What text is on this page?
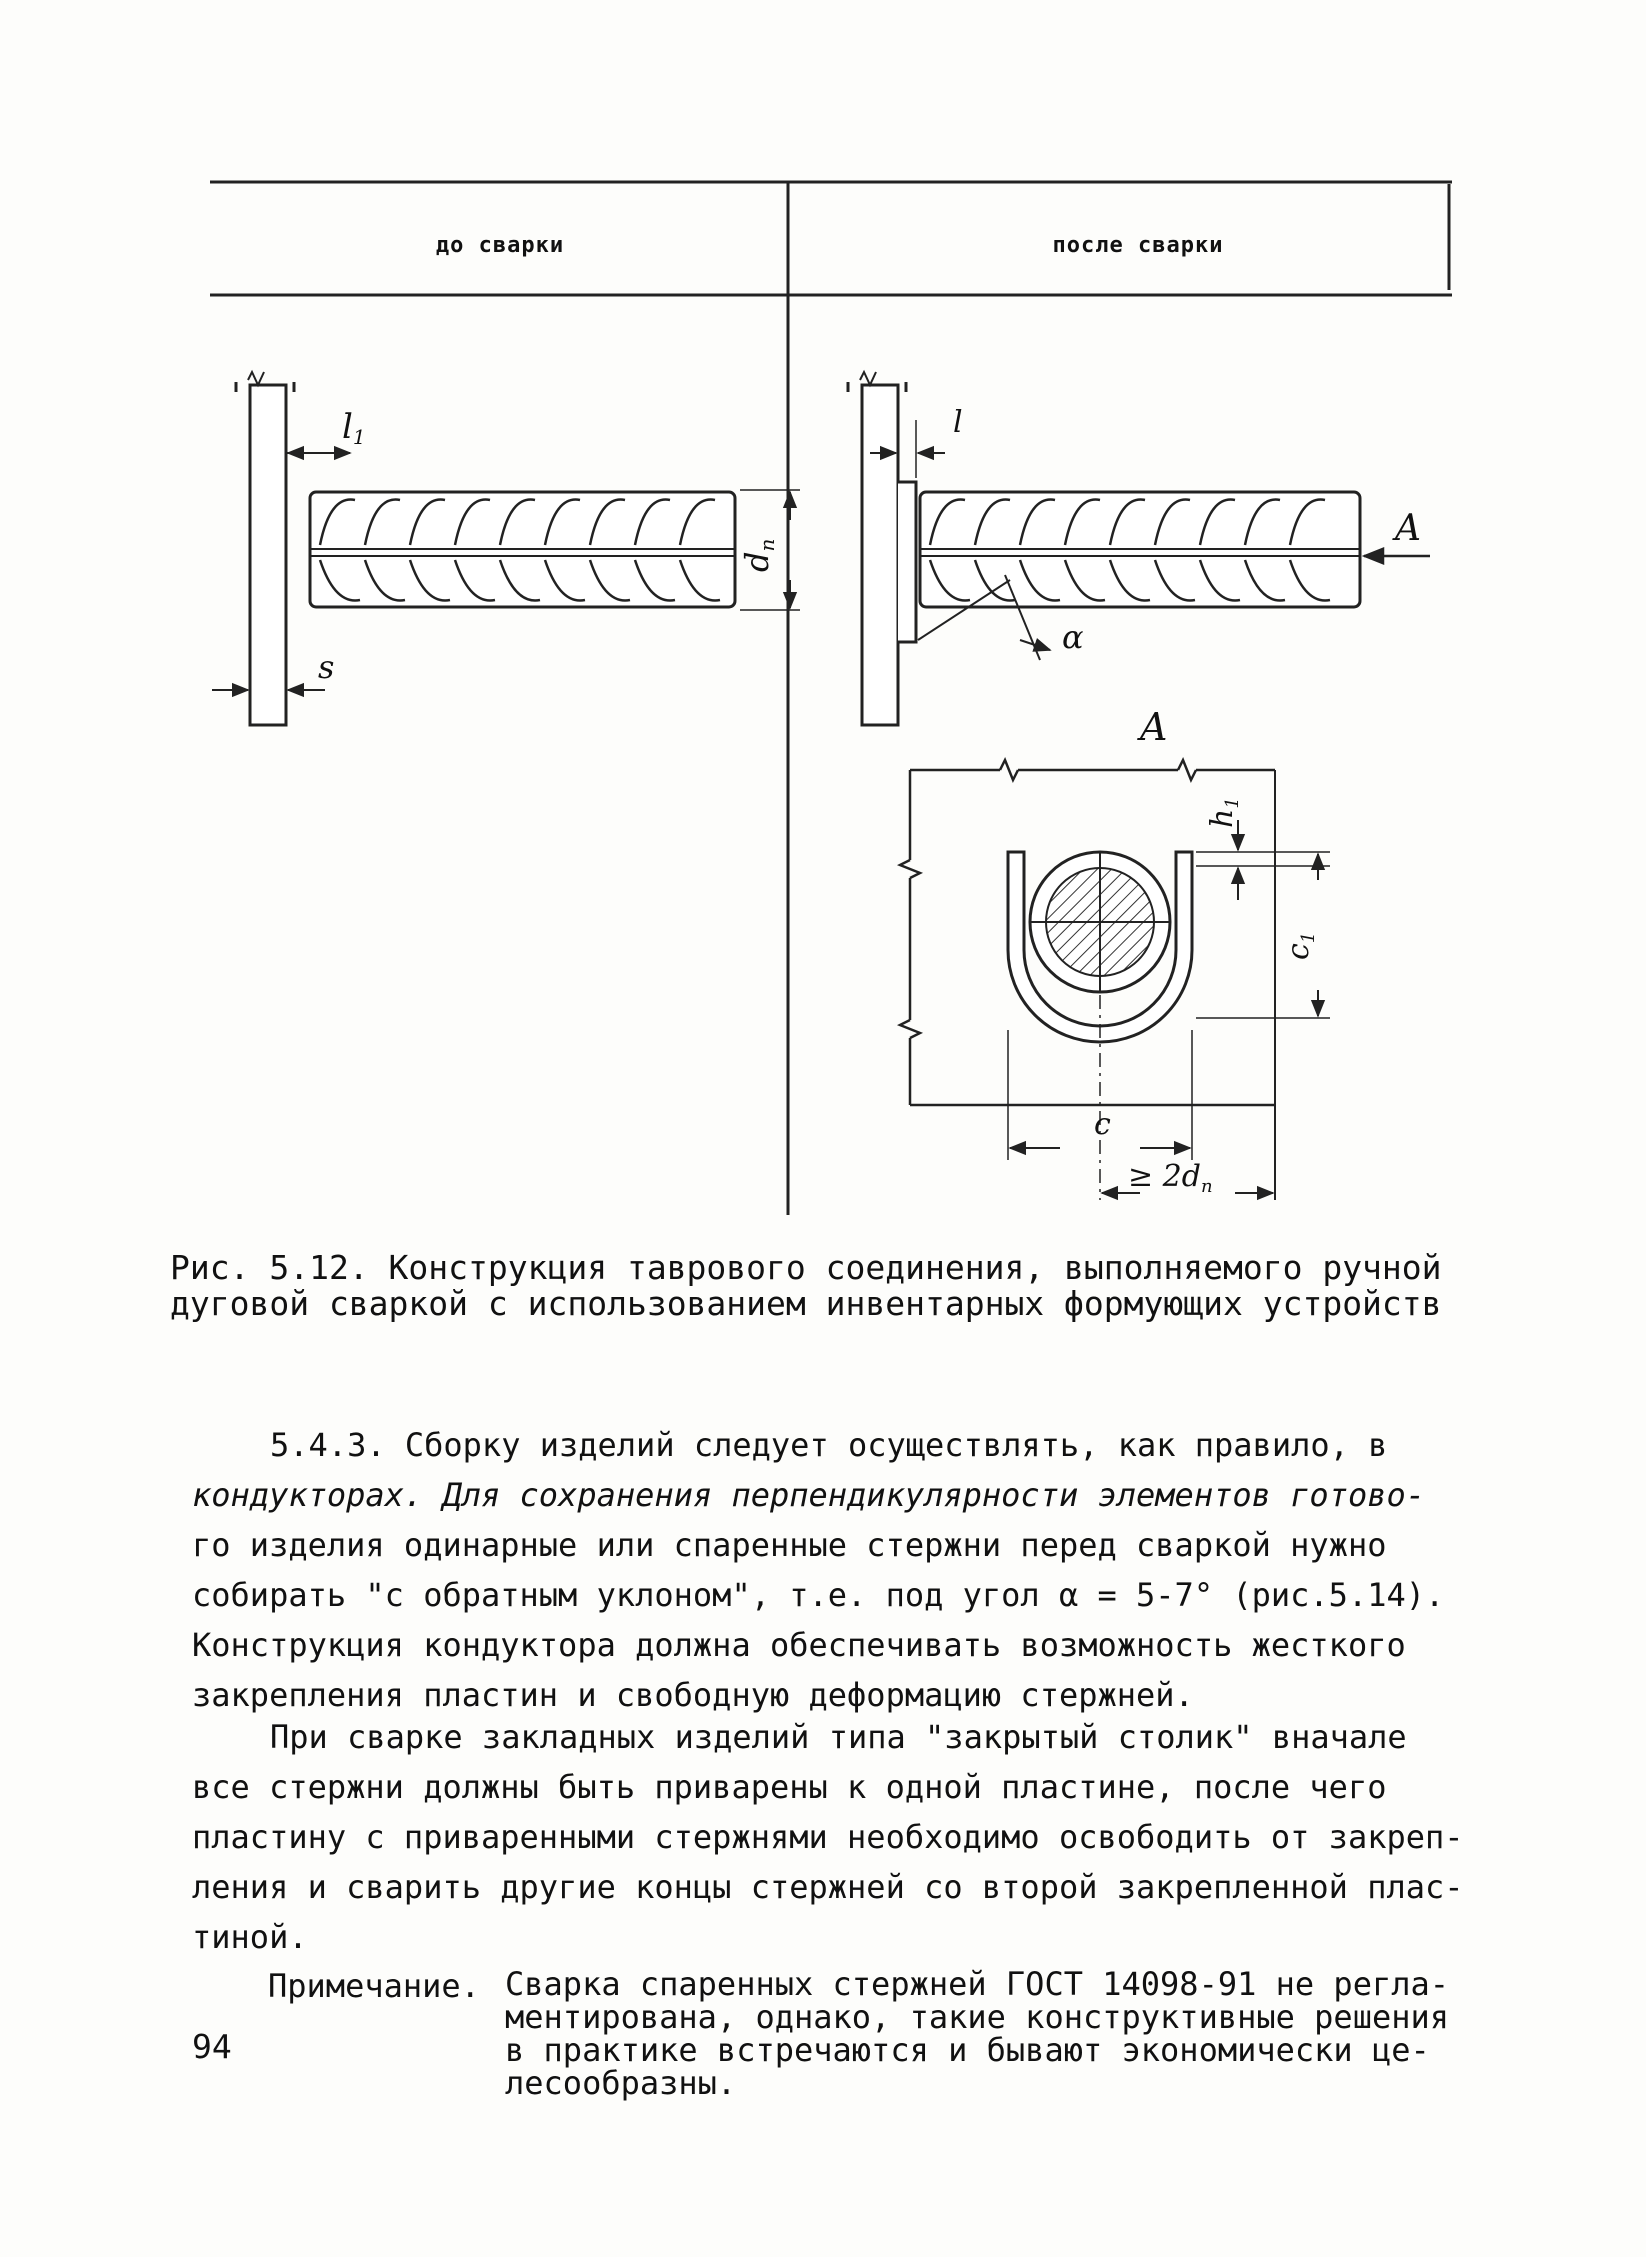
до сварки	после сварки
l1
s
dn
l
α
A
A
$h_1$
$c_1$
c
≥ $2d_n$

Рис. 5.12. Конструкция таврового соединения, выполняемого ручной
дуговой сваркой с использованием инвентарных формующих устройств

5.4.3. Сборку изделий следует осуществлять, как правило, в
кондукторах. Для сохранения перпендикулярности элементов готово-
го изделия одинарные или спаренные стержни перед сваркой нужно
собирать "с обратным уклоном", т.е. под угол α = 5-7° (рис.5.14).
Конструкция кондуктора должна обеспечивать возможность жесткого
закрепления пластин и свободную деформацию стержней.

При сварке закладных изделий типа "закрытый столик" вначале
все стержни должны быть приварены к одной пластине, после чего
пластину с приваренными стержнями необходимо освободить от закреп-
ления и сварить другие концы стержней со второй закрепленной плас-
тиной.

Примечание. Сварка спаренных стержней ГОСТ 14098-91 не регла-
ментирована, однако, такие конструктивные решения
в практике встречаются и бывают экономически це-
лесообразны.

94
